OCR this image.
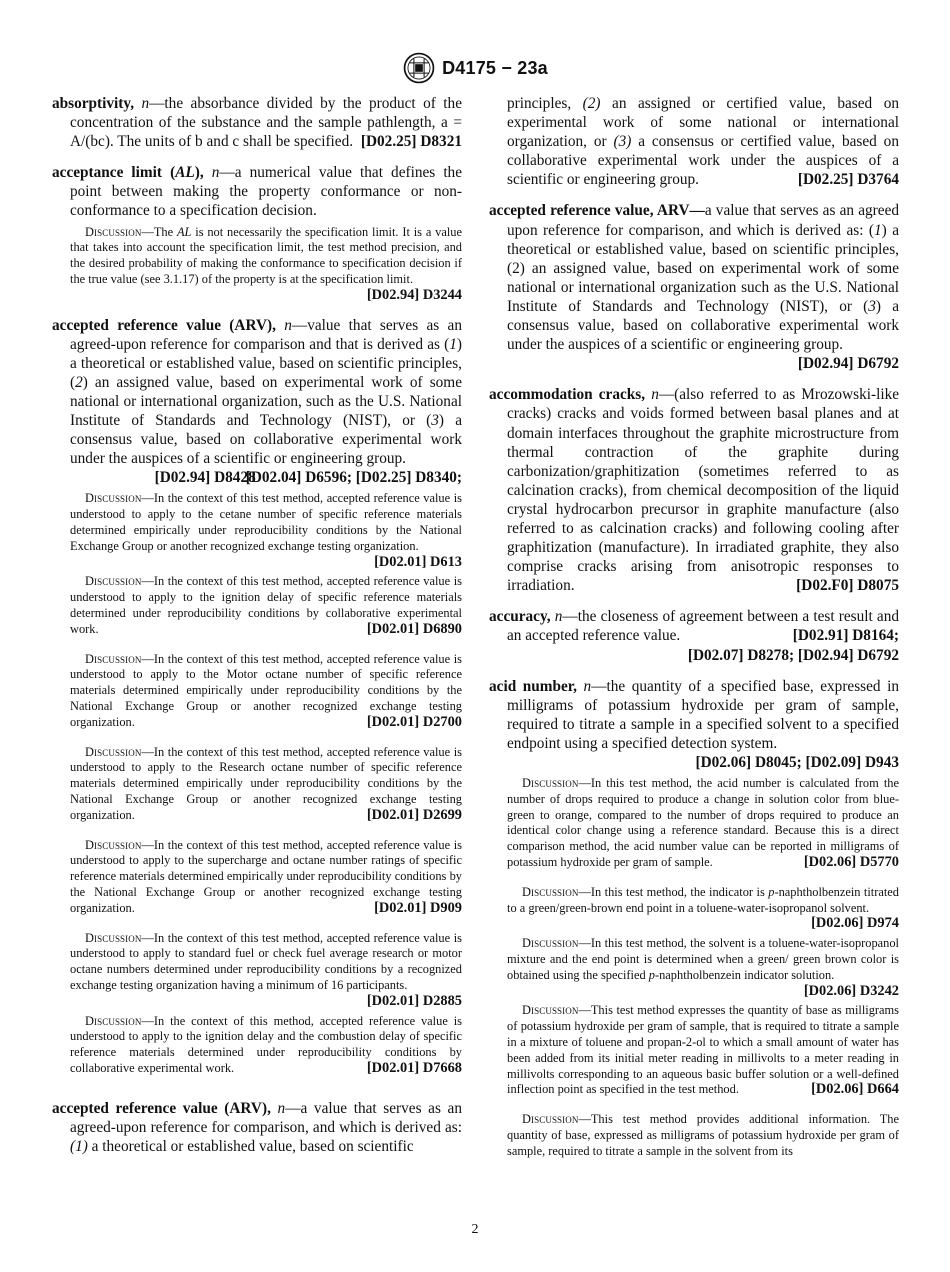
D4175 − 23a

absorptivity, n—the absorbance divided by the product of the concentration of the substance and the sample pathlength, a = A/(bc). The units of b and c shall be specified. [D02.25] D8321

acceptance limit (AL), n—a numerical value that defines the point between making the property conformance or non-conformance to a specification decision.

Discussion—The AL is not necessarily the specification limit. It is a value that takes into account the specification limit, the test method precision, and the desired probability of making the conformance to specification decision if the true value (see 3.1.17) of the property is at the specification limit.
[D02.94] D3244

accepted reference value (ARV), n—value that serves as an agreed-upon reference for comparison and that is derived as (1) a theoretical or established value, based on scientific principles, (2) an assigned value, based on experimental work of some national or international organization, such as the U.S. National Institute of Standards and Technology (NIST), or (3) a consensus value, based on collaborative experimental work under the auspices of a scientific or engineering group.
[D02.04] D6596; [D02.25] D8340;
[D02.94] D8428

Discussion—In the context of this test method, accepted reference value is understood to apply to the cetane number of specific reference materials determined empirically under reproducibility conditions by the National Exchange Group or another recognized exchange testing organization.
[D02.01] D613

Discussion—In the context of this test method, accepted reference value is understood to apply to the ignition delay of specific reference materials determined under reproducibility conditions by collaborative experimental work.	[D02.01] D6890

Discussion—In the context of this test method, accepted reference value is understood to apply to the Motor octane number of specific reference materials determined empirically under reproducibility conditions by the National Exchange Group or another recognized exchange testing organization.	[D02.01] D2700

Discussion—In the context of this test method, accepted reference value is understood to apply to the Research octane number of specific reference materials determined empirically under reproducibility conditions by the National Exchange Group or another recognized exchange testing organization.	[D02.01] D2699

Discussion—In the context of this test method, accepted reference value is understood to apply to the supercharge and octane number ratings of specific reference materials determined empirically under reproducibility conditions by the National Exchange Group or another recognized exchange testing organization.	[D02.01] D909

Discussion—In the context of this test method, accepted reference value is understood to apply to standard fuel or check fuel average research or motor octane numbers determined under reproducibility conditions by a recognized exchange testing organization having a minimum of 16 participants.
[D02.01] D2885

Discussion—In the context of this method, accepted reference value is understood to apply to the ignition delay and the combustion delay of specific reference materials determined under reproducibility conditions by collaborative experimental work.	[D02.01] D7668

accepted reference value (ARV), n—a value that serves as an agreed-upon reference for comparison, and which is derived as: (1) a theoretical or established value, based on scientific

principles, (2) an assigned or certified value, based on experimental work of some national or international organization, or (3) a consensus or certified value, based on collaborative experimental work under the auspices of a scientific or engineering group.	[D02.25] D3764

accepted reference value, ARV—a value that serves as an agreed upon reference for comparison, and which is derived as: (1) a theoretical or established value, based on scientific principles, (2) an assigned value, based on experimental work of some national or international organization such as the U.S. National Institute of Standards and Technology (NIST), or (3) a consensus value, based on collaborative experimental work under the auspices of a scientific or engineering group.
[D02.94] D6792

accommodation cracks, n—(also referred to as Mrozowski-like cracks) cracks and voids formed between basal planes and at domain interfaces throughout the graphite microstructure from thermal contraction of the graphite during carbonization/graphitization (sometimes referred to as calcination cracks), from chemical decomposition of the liquid crystal hydrocarbon precursor in graphite manufacture (also referred to as calcination cracks) and following cooling after graphitization (manufacture). In irradiated graphite, they also comprise cracks arising from anisotropic responses to irradiation.	[D02.F0] D8075

accuracy, n—the closeness of agreement between a test result and an accepted reference value.	[D02.91] D8164;
[D02.07] D8278; [D02.94] D6792

acid number, n—the quantity of a specified base, expressed in milligrams of potassium hydroxide per gram of sample, required to titrate a sample in a specified solvent to a specified endpoint using a specified detection system.
[D02.06] D8045; [D02.09] D943

Discussion—In this test method, the acid number is calculated from the number of drops required to produce a change in solution color from blue-green to orange, compared to the number of drops required to produce an identical color change using a reference standard. Because this is a direct comparison method, the acid number value can be reported in milligrams of potassium hydroxide per gram of sample.	[D02.06] D5770

Discussion—In this test method, the indicator is p-naphtholbenzein titrated to a green/green-brown end point in a toluene-water-isopropanol solvent.
[D02.06] D974

Discussion—In this test method, the solvent is a toluene-water-isopropanol mixture and the end point is determined when a green/ green brown color is obtained using the specified p-naphtholbenzein indicator solution.
[D02.06] D3242

Discussion—This test method expresses the quantity of base as milligrams of potassium hydroxide per gram of sample, that is required to titrate a sample in a mixture of toluene and propan-2-ol to which a small amount of water has been added from its initial meter reading in millivolts to a meter reading in millivolts corresponding to an aqueous basic buffer solution or a well-defined inflection point as specified in the test method.	[D02.06] D664

Discussion—This test method provides additional information. The quantity of base, expressed as milligrams of potassium hydroxide per gram of sample, required to titrate a sample in the solvent from its

2
